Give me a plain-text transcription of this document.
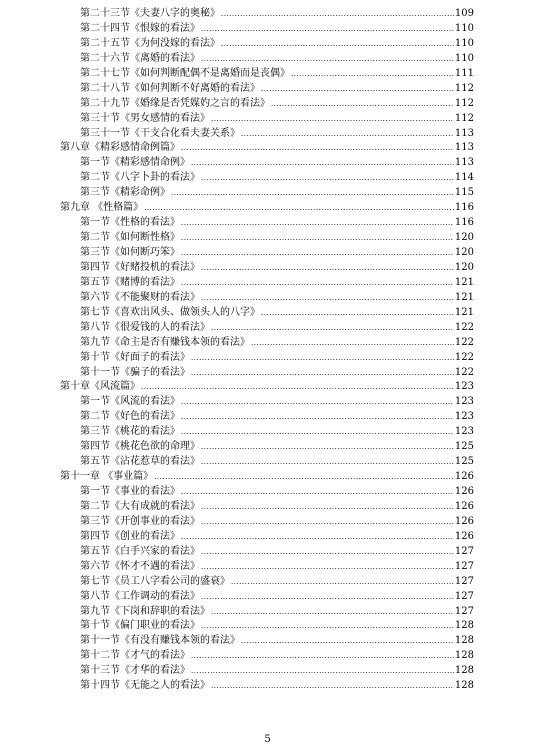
第二十三节《夫妻八字的奥秘》 .....	109
第二十四节《恨嫁的看法》 .....	110
第二十五节《为何没嫁的看法》 .....	110
第二十六节《离婚的看法》 .....	110
第二十七节《如何判断配偶不是离婚而是丧偶》 .....	111
第二十八节《如何判断不好离婚的看法》 .....	112
第二十九节《婚缘是否凭媒妁之言的看法》 .....	112
第三十节《男女感情的看法》 .....	112
第三十一节《干支合化看夫妻关系》 .....	113
第八章《精彩感情命例篇》 .....	113
第一节《精彩感情命例》 .....	113
第二节《八字卜卦的看法》 .....	114
第三节《精彩命例》 .....	115
第九章 《性格篇》 .....	116
第一节《性格的看法》 .....	116
第二节《如何断性格》 .....	120
第三节《如何断巧笨》 .....	120
第四节《好赌投机的看法》 .....	120
第五节《赌博的看法》 .....	121
第六节《不能聚财的看法》 .....	121
第七节《喜欢出风头、做领头人的八字》 .....	121
第八节《很爱钱的人的看法》 .....	122
第九节《命主是否有赚钱本领的看法》 .....	122
第十节《好面子的看法》 .....	122
第十一节《骗子的看法》 .....	122
第十章《风流篇》 .....	123
第一节《风流的看法》 .....	123
第二节《好色的看法》 .....	123
第三节《桃花的看法》 .....	123
第四节《桃花色欲的命理》 .....	125
第五节《沾花惹草的看法》 .....	125
第十一章 《事业篇》 .....	126
第一节《事业的看法》 .....	126
第二节《大有成就的看法》 .....	126
第三节《开创事业的看法》 .....	126
第四节《创业的看法》 .....	126
第五节《白手兴家的看法》 .....	127
第六节《怀才不遇的看法》 .....	127
第七节《员工八字看公司的盛衰》 .....	127
第八节《工作调动的看法》 .....	127
第九节《下岗和辞职的看法》 .....	127
第十节《偏门职业的看法》 .....	128
第十一节《有没有赚钱本领的看法》 .....	128
第十二节《才气的看法》 .....	128
第十三节《才华的看法》 .....	128
第十四节《无能之人的看法》 .....	128
5
